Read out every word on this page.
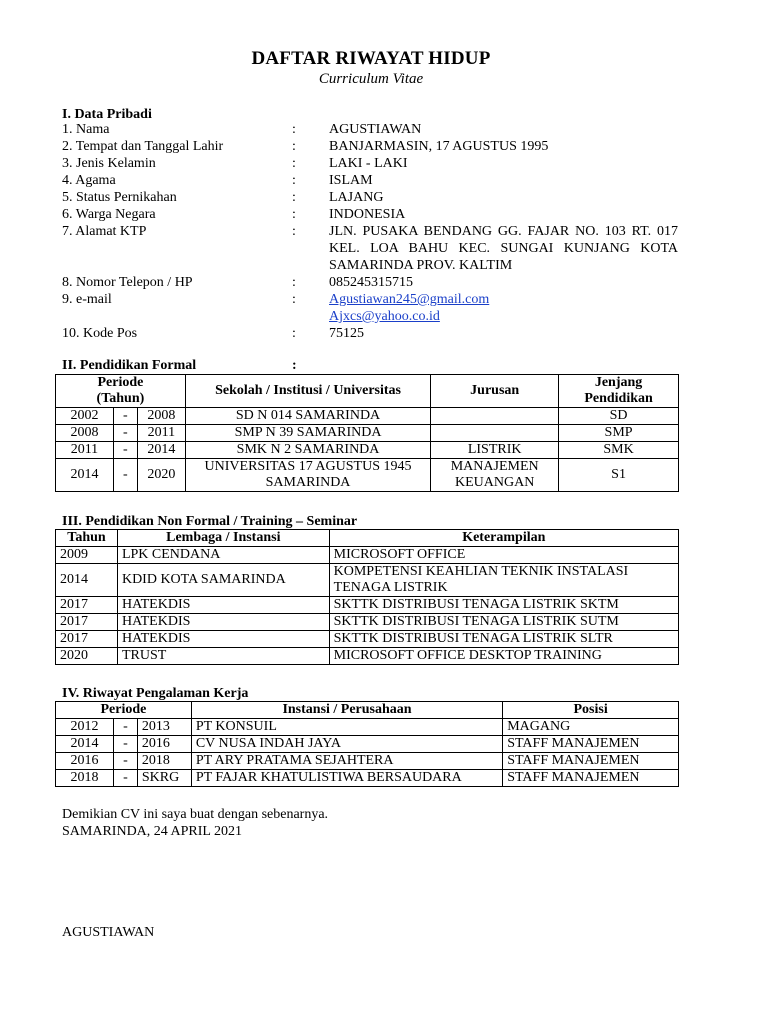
DAFTAR RIWAYAT HIDUP
Curriculum Vitae
I. Data Pribadi
1. Nama	: AGUSTIAWAN
2. Tempat dan Tanggal Lahir	: BANJARMASIN, 17 AGUSTUS 1995
3. Jenis Kelamin	: LAKI - LAKI
4. Agama	: ISLAM
5. Status Pernikahan	: LAJANG
6. Warga Negara	: INDONESIA
7. Alamat KTP	: JLN. PUSAKA BENDANG GG. FAJAR NO. 103 RT. 017 KEL. LOA BAHU KEC. SUNGAI KUNJANG KOTA SAMARINDA PROV. KALTIM
8. Nomor Telepon / HP	: 085245315715
9. e-mail	: Agustiawan245@gmail.com
Ajxcs@yahoo.co.id
10. Kode Pos	: 75125
II. Pendidikan Formal	:
Periode
(Tahun)			Sekolah / Institusi / Universitas	Jurusan	Jenjang
Pendidikan
2002	-	2008	SD N 014 SAMARINDA		SD
2008	-	2011	SMP N 39 SAMARINDA		SMP
2011	-	2014	SMK N 2 SAMARINDA	LISTRIK	SMK
2014	-	2020	UNIVERSITAS 17 AGUSTUS 1945 SAMARINDA	MANAJEMEN KEUANGAN	S1
III. Pendidikan Non Formal / Training – Seminar
Tahun	Lembaga / Instansi	Keterampilan
2009	LPK CENDANA	MICROSOFT OFFICE
2014	KDID KOTA SAMARINDA	KOMPETENSI KEAHLIAN TEKNIK INSTALASI TENAGA LISTRIK
2017	HATEKDIS	SKTTK DISTRIBUSI TENAGA LISTRIK SKTM
2017	HATEKDIS	SKTTK DISTRIBUSI TENAGA LISTRIK SUTM
2017	HATEKDIS	SKTTK DISTRIBUSI TENAGA LISTRIK SLTR
2020	TRUST	MICROSOFT OFFICE DESKTOP TRAINING
IV. Riwayat Pengalaman Kerja
Periode			Instansi / Perusahaan	Posisi
2012	-	2013	PT KONSUIL	MAGANG
2014	-	2016	CV NUSA INDAH JAYA	STAFF MANAJEMEN
2016	-	2018	PT ARY PRATAMA SEJAHTERA	STAFF MANAJEMEN
2018	-	SKRG	PT FAJAR KHATULISTIWA BERSAUDARA	STAFF MANAJEMEN
Demikian CV ini saya buat dengan sebenarnya.
SAMARINDA, 24 APRIL 2021
AGUSTIAWAN
